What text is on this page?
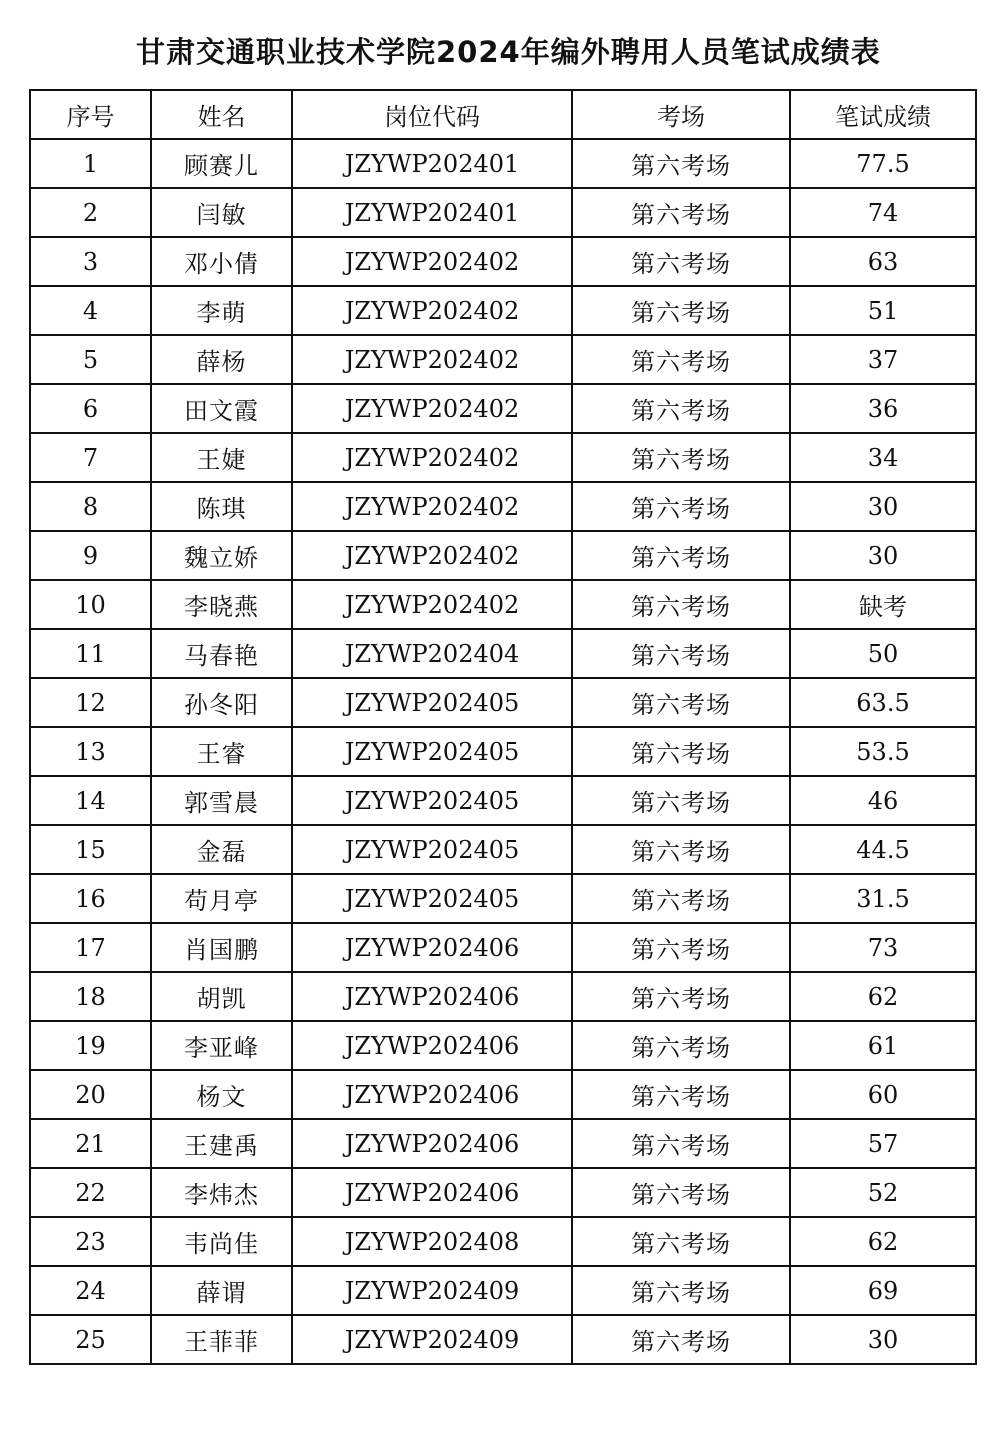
甘肃交通职业技术学院2024年编外聘用人员笔试成绩表
序号	姓名	岗位代码	考场	笔试成绩
1	顾赛儿	JZYWP202401	第六考场	77.5
2	闫敏	JZYWP202401	第六考场	74
3	邓小倩	JZYWP202402	第六考场	63
4	李萌	JZYWP202402	第六考场	51
5	薛杨	JZYWP202402	第六考场	37
6	田文霞	JZYWP202402	第六考场	36
7	王婕	JZYWP202402	第六考场	34
8	陈琪	JZYWP202402	第六考场	30
9	魏立娇	JZYWP202402	第六考场	30
10	李晓燕	JZYWP202402	第六考场	缺考
11	马春艳	JZYWP202404	第六考场	50
12	孙冬阳	JZYWP202405	第六考场	63.5
13	王睿	JZYWP202405	第六考场	53.5
14	郭雪晨	JZYWP202405	第六考场	46
15	金磊	JZYWP202405	第六考场	44.5
16	苟月亭	JZYWP202405	第六考场	31.5
17	肖国鹏	JZYWP202406	第六考场	73
18	胡凯	JZYWP202406	第六考场	62
19	李亚峰	JZYWP202406	第六考场	61
20	杨文	JZYWP202406	第六考场	60
21	王建禹	JZYWP202406	第六考场	57
22	李炜杰	JZYWP202406	第六考场	52
23	韦尚佳	JZYWP202408	第六考场	62
24	薛谓	JZYWP202409	第六考场	69
25	王菲菲	JZYWP202409	第六考场	30
